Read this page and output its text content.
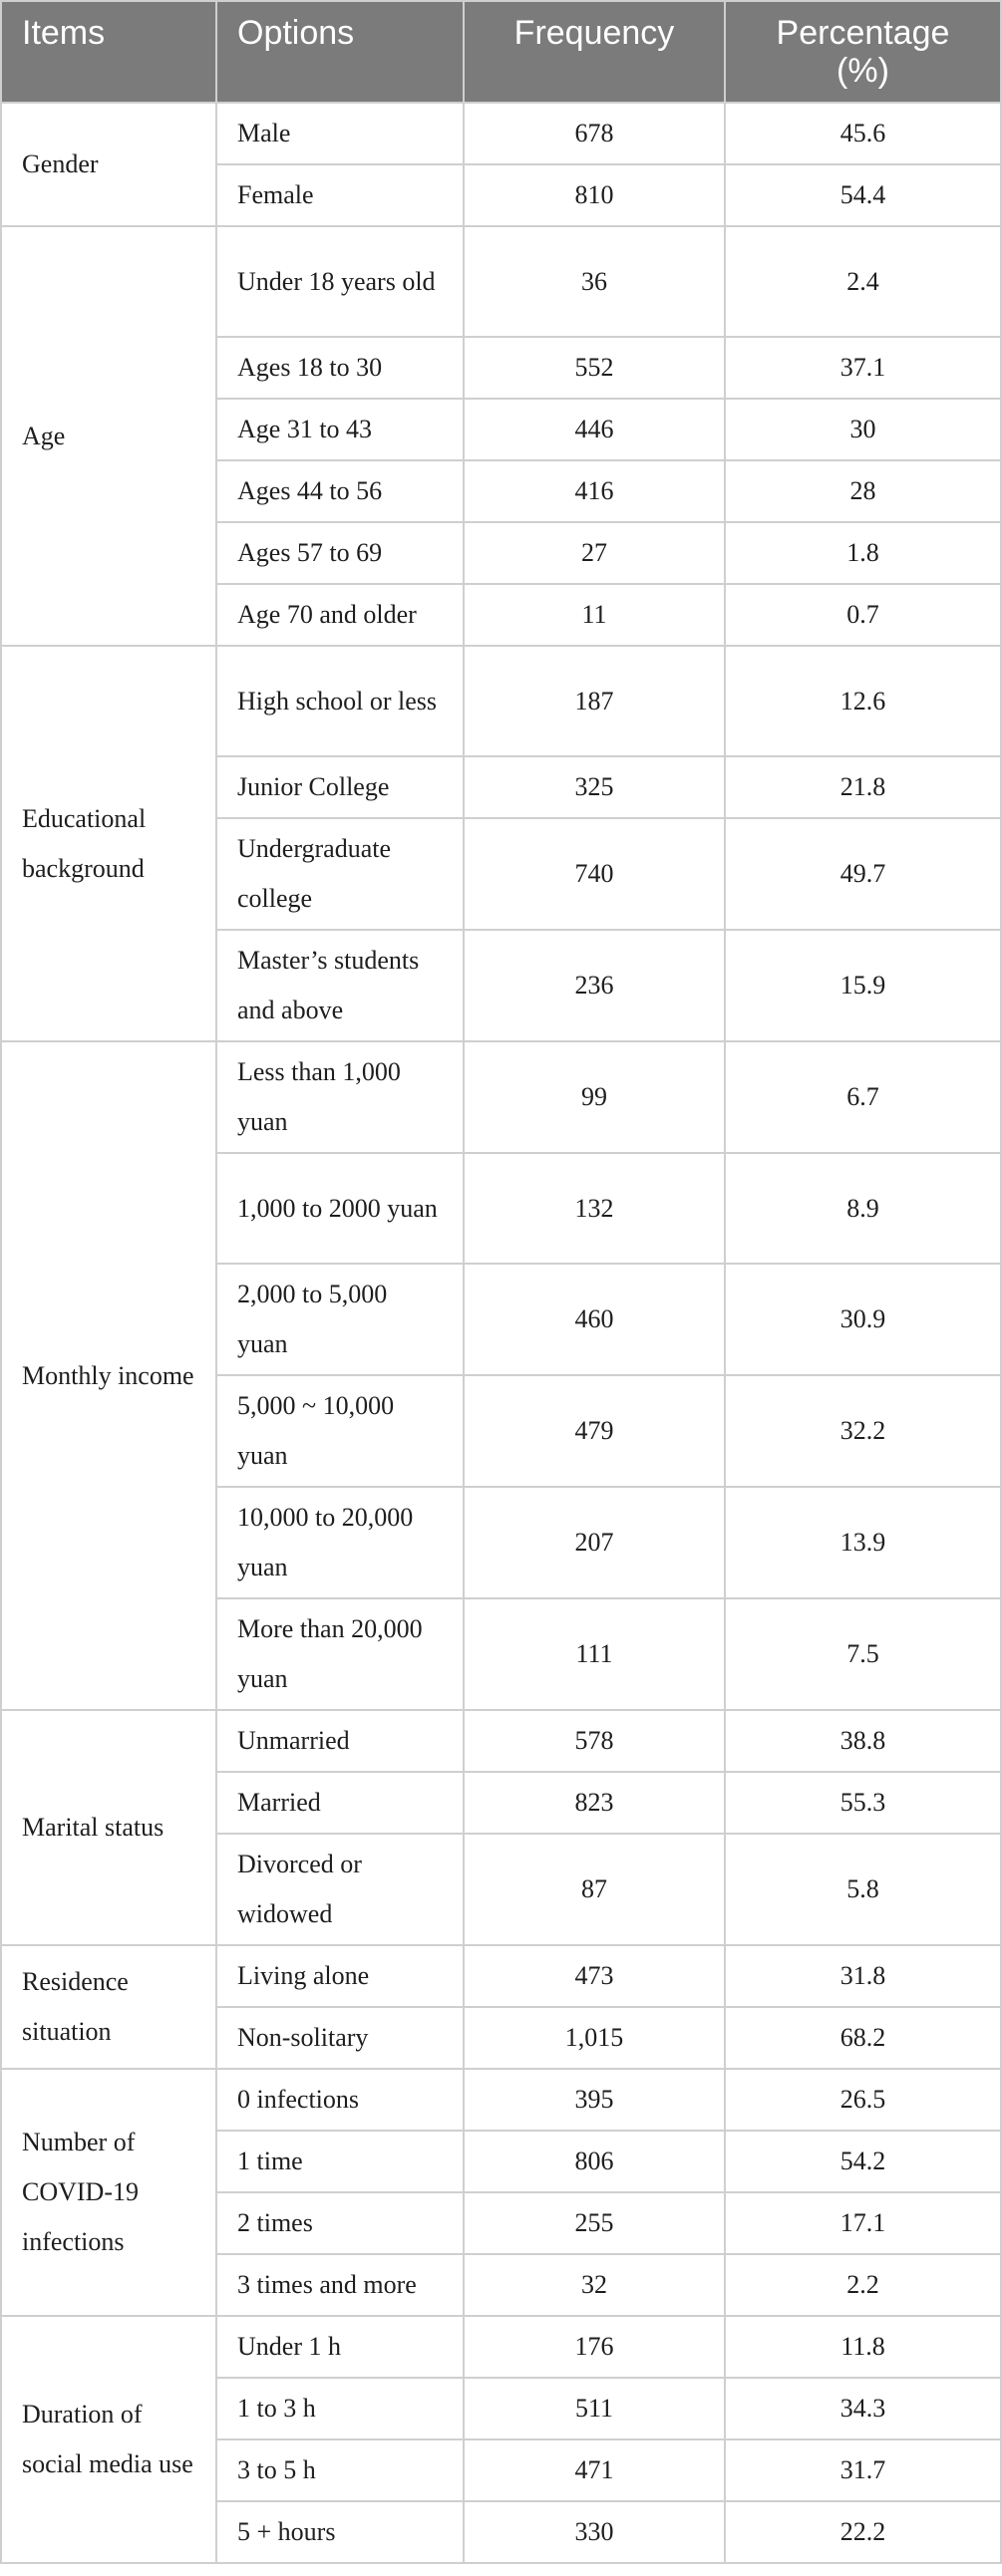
Items	Options	Frequency	Percentage (%)
Gender	Male	678	45.6
	Female	810	54.4
Age	Under 18 years old	36	2.4
	Ages 18 to 30	552	37.1
	Age 31 to 43	446	30
	Ages 44 to 56	416	28
	Ages 57 to 69	27	1.8
	Age 70 and older	11	0.7
Educational background	High school or less	187	12.6
	Junior College	325	21.8
	Undergraduate college	740	49.7
	Master’s students and above	236	15.9
Monthly income	Less than 1,000 yuan	99	6.7
	1,000 to 2000 yuan	132	8.9
	2,000 to 5,000 yuan	460	30.9
	5,000 ~ 10,000 yuan	479	32.2
	10,000 to 20,000 yuan	207	13.9
	More than 20,000 yuan	111	7.5
Marital status	Unmarried	578	38.8
	Married	823	55.3
	Divorced or widowed	87	5.8
Residence situation	Living alone	473	31.8
	Non-solitary	1,015	68.2
Number of COVID-19 infections	0 infections	395	26.5
	1 time	806	54.2
	2 times	255	17.1
	3 times and more	32	2.2
Duration of social media use	Under 1 h	176	11.8
	1 to 3 h	511	34.3
	3 to 5 h	471	31.7
	5 + hours	330	22.2
